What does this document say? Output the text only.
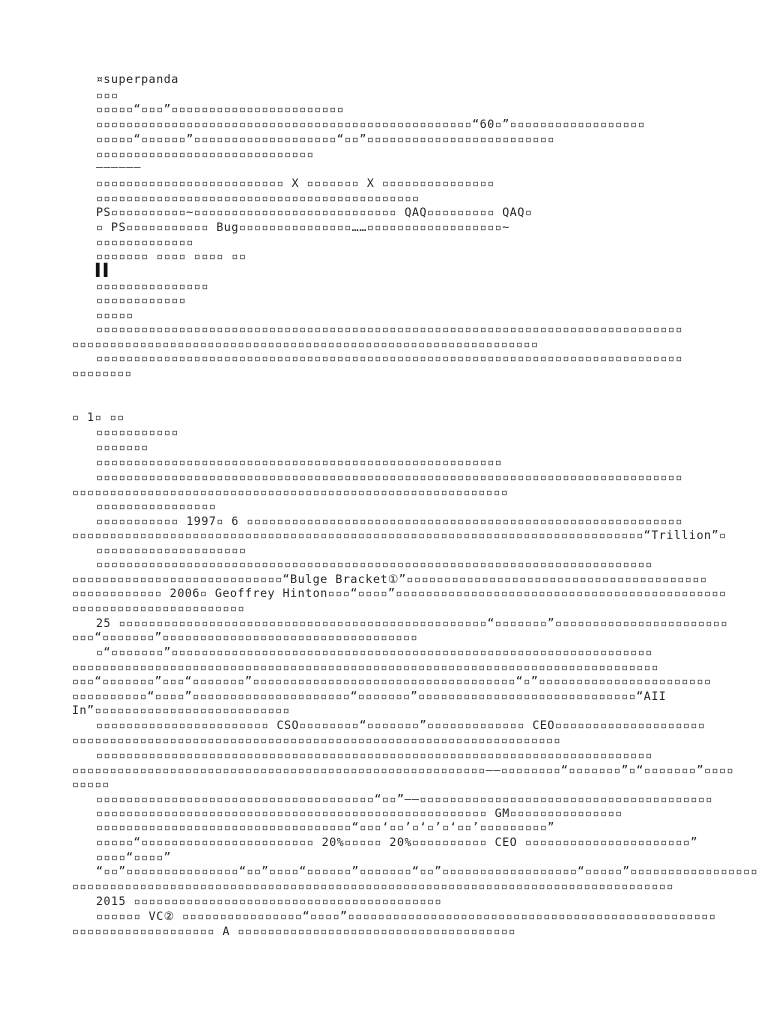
¤superpanda
▫▫▫
▫▫▫▫▫“▫▫▫”▫▫▫▫▫▫▫▫▫▫▫▫▫▫▫▫▫▫▫▫▫▫▫
▫▫▫▫▫▫▫▫▫▫▫▫▫▫▫▫▫▫▫▫▫▫▫▫▫▫▫▫▫▫▫▫▫▫▫▫▫▫▫▫▫▫▫▫▫▫▫▫▫▫“60▫”▫▫▫▫▫▫▫▫▫▫▫▫▫▫▫▫▫▫
▫▫▫▫▫“▫▫▫▫▫▫”▫▫▫▫▫▫▫▫▫▫▫▫▫▫▫▫▫▫▫“▫▫”▫▫▫▫▫▫▫▫▫▫▫▫▫▫▫▫▫▫▫▫▫▫▫▫▫
▫▫▫▫▫▫▫▫▫▫▫▫▫▫▫▫▫▫▫▫▫▫▫▫▫▫▫▫▫
——————
▫▫▫▫▫▫▫▫▫▫▫▫▫▫▫▫▫▫▫▫▫▫▫▫▫ X ▫▫▫▫▫▫▫ X ▫▫▫▫▫▫▫▫▫▫▫▫▫▫▫
▫▫▫▫▫▫▫▫▫▫▫▫▫▫▫▫▫▫▫▫▫▫▫▫▫▫▫▫▫▫▫▫▫▫▫▫▫▫▫▫▫▫▫
PS▫▫▫▫▫▫▫▫▫▫~▫▫▫▫▫▫▫▫▫▫▫▫▫▫▫▫▫▫▫▫▫▫▫▫▫▫▫ QAQ▫▫▫▫▫▫▫▫▫ QAQ▫
▫ PS▫▫▫▫▫▫▫▫▫▫▫ Bug▫▫▫▫▫▫▫▫▫▫▫▫▫▫▫……▫▫▫▫▫▫▫▫▫▫▫▫▫▫▫▫▫▫~
▫▫▫▫▫▫▫▫▫▫▫▫▫
▫▫▫▫▫▫▫ ▫▫▫▫ ▫▫▫▫ ▫▫
▌▌
▫▫▫▫▫▫▫▫▫▫▫▫▫▫▫
▫▫▫▫▫▫▫▫▫▫▫▫
▫▫▫▫▫
▫▫▫▫▫▫▫▫▫▫▫▫▫▫▫▫▫▫▫▫▫▫▫▫▫▫▫▫▫▫▫▫▫▫▫▫▫▫▫▫▫▫▫▫▫▫▫▫▫▫▫▫▫▫▫▫▫▫▫▫▫▫▫▫▫▫▫▫▫▫▫▫▫▫▫▫▫▫
▫▫▫▫▫▫▫▫▫▫▫▫▫▫▫▫▫▫▫▫▫▫▫▫▫▫▫▫▫▫▫▫▫▫▫▫▫▫▫▫▫▫▫▫▫▫▫▫▫▫▫▫▫▫▫▫▫▫▫▫▫▫
▫▫▫▫▫▫▫▫▫▫▫▫▫▫▫▫▫▫▫▫▫▫▫▫▫▫▫▫▫▫▫▫▫▫▫▫▫▫▫▫▫▫▫▫▫▫▫▫▫▫▫▫▫▫▫▫▫▫▫▫▫▫▫▫▫▫▫▫▫▫▫▫▫▫▫▫▫▫
▫▫▫▫▫▫▫▫
▫ 1▫ ▫▫
▫▫▫▫▫▫▫▫▫▫▫
▫▫▫▫▫▫▫
▫▫▫▫▫▫▫▫▫▫▫▫▫▫▫▫▫▫▫▫▫▫▫▫▫▫▫▫▫▫▫▫▫▫▫▫▫▫▫▫▫▫▫▫▫▫▫▫▫▫▫▫▫▫
▫▫▫▫▫▫▫▫▫▫▫▫▫▫▫▫▫▫▫▫▫▫▫▫▫▫▫▫▫▫▫▫▫▫▫▫▫▫▫▫▫▫▫▫▫▫▫▫▫▫▫▫▫▫▫▫▫▫▫▫▫▫▫▫▫▫▫▫▫▫▫▫▫▫▫▫▫▫
▫▫▫▫▫▫▫▫▫▫▫▫▫▫▫▫▫▫▫▫▫▫▫▫▫▫▫▫▫▫▫▫▫▫▫▫▫▫▫▫▫▫▫▫▫▫▫▫▫▫▫▫▫▫▫▫▫▫
▫▫▫▫▫▫▫▫▫▫▫▫▫▫▫▫
▫▫▫▫▫▫▫▫▫▫▫ 1997▫ 6 ▫▫▫▫▫▫▫▫▫▫▫▫▫▫▫▫▫▫▫▫▫▫▫▫▫▫▫▫▫▫▫▫▫▫▫▫▫▫▫▫▫▫▫▫▫▫▫▫▫▫▫▫▫▫▫▫▫▫
▫▫▫▫▫▫▫▫▫▫▫▫▫▫▫▫▫▫▫▫▫▫▫▫▫▫▫▫▫▫▫▫▫▫▫▫▫▫▫▫▫▫▫▫▫▫▫▫▫▫▫▫▫▫▫▫▫▫▫▫▫▫▫▫▫▫▫▫▫▫▫▫▫▫▫▫“Trillion”▫
▫▫▫▫▫▫▫▫▫▫▫▫▫▫▫▫▫▫▫▫
▫▫▫▫▫▫▫▫▫▫▫▫▫▫▫▫▫▫▫▫▫▫▫▫▫▫▫▫▫▫▫▫▫▫▫▫▫▫▫▫▫▫▫▫▫▫▫▫▫▫▫▫▫▫▫▫▫▫▫▫▫▫▫▫▫▫▫▫▫▫▫▫▫▫
▫▫▫▫▫▫▫▫▫▫▫▫▫▫▫▫▫▫▫▫▫▫▫▫▫▫▫▫“Bulge Bracket①”▫▫▫▫▫▫▫▫▫▫▫▫▫▫▫▫▫▫▫▫▫▫▫▫▫▫▫▫▫▫▫▫▫▫▫▫▫▫▫▫
▫▫▫▫▫▫▫▫▫▫▫▫ 2006▫ Geoffrey Hinton▫▫▫“▫▫▫▫”▫▫▫▫▫▫▫▫▫▫▫▫▫▫▫▫▫▫▫▫▫▫▫▫▫▫▫▫▫▫▫▫▫▫▫▫▫▫▫▫▫▫▫▫
▫▫▫▫▫▫▫▫▫▫▫▫▫▫▫▫▫▫▫▫▫▫▫
25 ▫▫▫▫▫▫▫▫▫▫▫▫▫▫▫▫▫▫▫▫▫▫▫▫▫▫▫▫▫▫▫▫▫▫▫▫▫▫▫▫▫▫▫▫▫▫▫▫▫“▫▫▫▫▫▫▫”▫▫▫▫▫▫▫▫▫▫▫▫▫▫▫▫▫▫▫▫▫▫▫
▫▫▫“▫▫▫▫▫▫▫”▫▫▫▫▫▫▫▫▫▫▫▫▫▫▫▫▫▫▫▫▫▫▫▫▫▫▫▫▫▫▫▫▫▫
▫“▫▫▫▫▫▫▫”▫▫▫▫▫▫▫▫▫▫▫▫▫▫▫▫▫▫▫▫▫▫▫▫▫▫▫▫▫▫▫▫▫▫▫▫▫▫▫▫▫▫▫▫▫▫▫▫▫▫▫▫▫▫▫▫▫▫▫▫▫▫▫▫
▫▫▫▫▫▫▫▫▫▫▫▫▫▫▫▫▫▫▫▫▫▫▫▫▫▫▫▫▫▫▫▫▫▫▫▫▫▫▫▫▫▫▫▫▫▫▫▫▫▫▫▫▫▫▫▫▫▫▫▫▫▫▫▫▫▫▫▫▫▫▫▫▫▫▫▫▫▫
▫▫▫“▫▫▫▫▫▫▫”▫▫▫“▫▫▫▫▫▫▫”▫▫▫▫▫▫▫▫▫▫▫▫▫▫▫▫▫▫▫▫▫▫▫▫▫▫▫▫▫▫▫▫▫▫▫“▫”▫▫▫▫▫▫▫▫▫▫▫▫▫▫▫▫▫▫▫▫▫▫▫
▫▫▫▫▫▫▫▫▫▫“▫▫▫▫”▫▫▫▫▫▫▫▫▫▫▫▫▫▫▫▫▫▫▫▫▫“▫▫▫▫▫▫▫”▫▫▫▫▫▫▫▫▫▫▫▫▫▫▫▫▫▫▫▫▫▫▫▫▫▫▫▫▫“AII
In”▫▫▫▫▫▫▫▫▫▫▫▫▫▫▫▫▫▫▫▫▫▫▫▫▫▫
▫▫▫▫▫▫▫▫▫▫▫▫▫▫▫▫▫▫▫▫▫▫▫ CSO▫▫▫▫▫▫▫▫“▫▫▫▫▫▫▫”▫▫▫▫▫▫▫▫▫▫▫▫▫ CEO▫▫▫▫▫▫▫▫▫▫▫▫▫▫▫▫▫▫▫▫
▫▫▫▫▫▫▫▫▫▫▫▫▫▫▫▫▫▫▫▫▫▫▫▫▫▫▫▫▫▫▫▫▫▫▫▫▫▫▫▫▫▫▫▫▫▫▫▫▫▫▫▫▫▫▫▫▫▫▫▫▫▫▫▫▫
▫▫▫▫▫▫▫▫▫▫▫▫▫▫▫▫▫▫▫▫▫▫▫▫▫▫▫▫▫▫▫▫▫▫▫▫▫▫▫▫▫▫▫▫▫▫▫▫▫▫▫▫▫▫▫▫▫▫▫▫▫▫▫▫▫▫▫▫▫▫▫▫▫▫
▫▫▫▫▫▫▫▫▫▫▫▫▫▫▫▫▫▫▫▫▫▫▫▫▫▫▫▫▫▫▫▫▫▫▫▫▫▫▫▫▫▫▫▫▫▫▫▫▫▫▫▫▫▫▫——▫▫▫▫▫▫▫▫“▫▫▫▫▫▫▫”▫“▫▫▫▫▫▫▫”▫▫▫▫
▫▫▫▫▫
▫▫▫▫▫▫▫▫▫▫▫▫▫▫▫▫▫▫▫▫▫▫▫▫▫▫▫▫▫▫▫▫▫▫▫▫▫“▫▫”——▫▫▫▫▫▫▫▫▫▫▫▫▫▫▫▫▫▫▫▫▫▫▫▫▫▫▫▫▫▫▫▫▫▫▫▫▫▫▫
▫▫▫▫▫▫▫▫▫▫▫▫▫▫▫▫▫▫▫▫▫▫▫▫▫▫▫▫▫▫▫▫▫▫▫▫▫▫▫▫▫▫▫▫▫▫▫▫▫▫▫▫ GM▫▫▫▫▫▫▫▫▫▫▫▫▫▫▫
▫▫▫▫▫▫▫▫▫▫▫▫▫▫▫▫▫▫▫▫▫▫▫▫▫▫▫▫▫▫▫▫▫▫“▫▫▫‘▫▫’▫‘▫’▫‘▫▫’▫▫▫▫▫▫▫▫▫”
▫▫▫▫▫“▫▫▫▫▫▫▫▫▫▫▫▫▫▫▫▫▫▫▫▫▫▫▫ 20%▫▫▫▫▫ 20%▫▫▫▫▫▫▫▫▫▫ CEO ▫▫▫▫▫▫▫▫▫▫▫▫▫▫▫▫▫▫▫▫▫▫”
▫▫▫▫“▫▫▫▫”
“▫▫”▫▫▫▫▫▫▫▫▫▫▫▫▫▫▫“▫▫”▫▫▫▫“▫▫▫▫▫▫”▫▫▫▫▫▫▫“▫▫”▫▫▫▫▫▫▫▫▫▫▫▫▫▫▫▫▫▫“▫▫▫▫▫”▫▫▫▫▫▫▫▫▫▫▫▫▫▫▫▫▫
▫▫▫▫▫▫▫▫▫▫▫▫▫▫▫▫▫▫▫▫▫▫▫▫▫▫▫▫▫▫▫▫▫▫▫▫▫▫▫▫▫▫▫▫▫▫▫▫▫▫▫▫▫▫▫▫▫▫▫▫▫▫▫▫▫▫▫▫▫▫▫▫▫▫▫▫▫▫▫▫
2015 ▫▫▫▫▫▫▫▫▫▫▫▫▫▫▫▫▫▫▫▫▫▫▫▫▫▫▫▫▫▫▫▫▫▫▫▫▫▫▫▫▫
▫▫▫▫▫▫ VC② ▫▫▫▫▫▫▫▫▫▫▫▫▫▫▫▫“▫▫▫▫”▫▫▫▫▫▫▫▫▫▫▫▫▫▫▫▫▫▫▫▫▫▫▫▫▫▫▫▫▫▫▫▫▫▫▫▫▫▫▫▫▫▫▫▫▫▫▫▫▫
▫▫▫▫▫▫▫▫▫▫▫▫▫▫▫▫▫▫▫ A ▫▫▫▫▫▫▫▫▫▫▫▫▫▫▫▫▫▫▫▫▫▫▫▫▫▫▫▫▫▫▫▫▫▫▫▫▫
